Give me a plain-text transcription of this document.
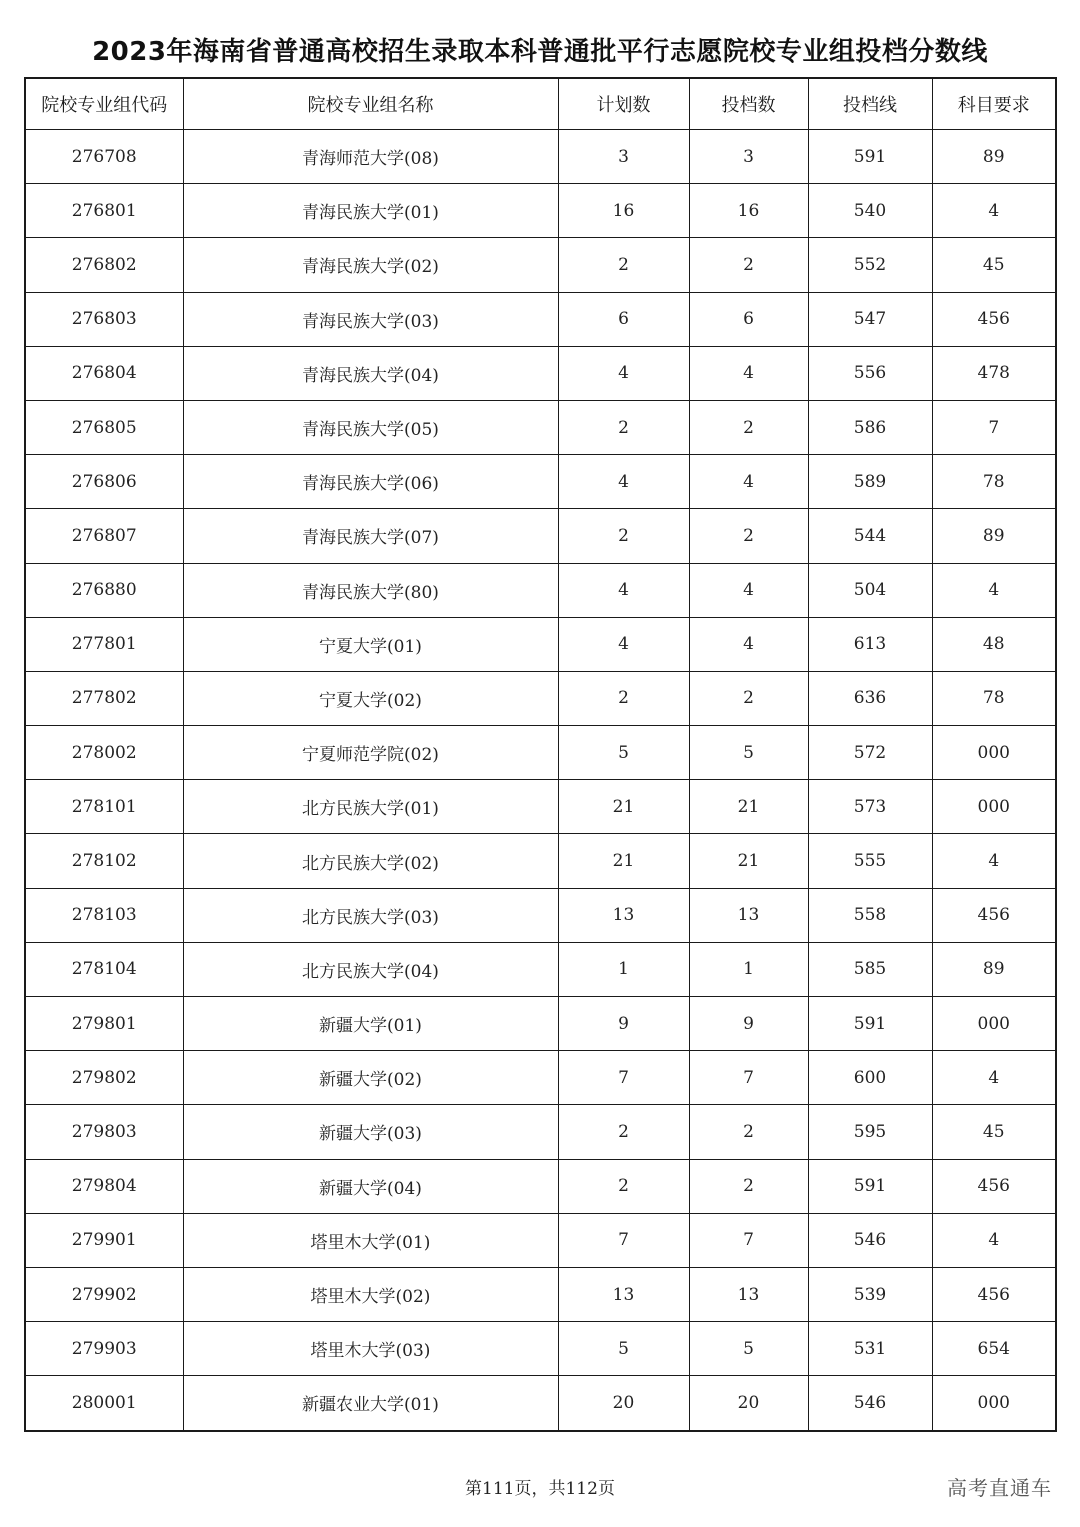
2023年海南省普通高校招生录取本科普通批平行志愿院校专业组投档分数线
院校专业组代码	院校专业组名称	计划数	投档数	投档线	科目要求
276708	青海师范大学(08)	3	3	591	89
276801	青海民族大学(01)	16	16	540	4
276802	青海民族大学(02)	2	2	552	45
276803	青海民族大学(03)	6	6	547	456
276804	青海民族大学(04)	4	4	556	478
276805	青海民族大学(05)	2	2	586	7
276806	青海民族大学(06)	4	4	589	78
276807	青海民族大学(07)	2	2	544	89
276880	青海民族大学(80)	4	4	504	4
277801	宁夏大学(01)	4	4	613	48
277802	宁夏大学(02)	2	2	636	78
278002	宁夏师范学院(02)	5	5	572	000
278101	北方民族大学(01)	21	21	573	000
278102	北方民族大学(02)	21	21	555	4
278103	北方民族大学(03)	13	13	558	456
278104	北方民族大学(04)	1	1	585	89
279801	新疆大学(01)	9	9	591	000
279802	新疆大学(02)	7	7	600	4
279803	新疆大学(03)	2	2	595	45
279804	新疆大学(04)	2	2	591	456
279901	塔里木大学(01)	7	7	546	4
279902	塔里木大学(02)	13	13	539	456
279903	塔里木大学(03)	5	5	531	654
280001	新疆农业大学(01)	20	20	546	000
第111页，共112页	高考直通车
